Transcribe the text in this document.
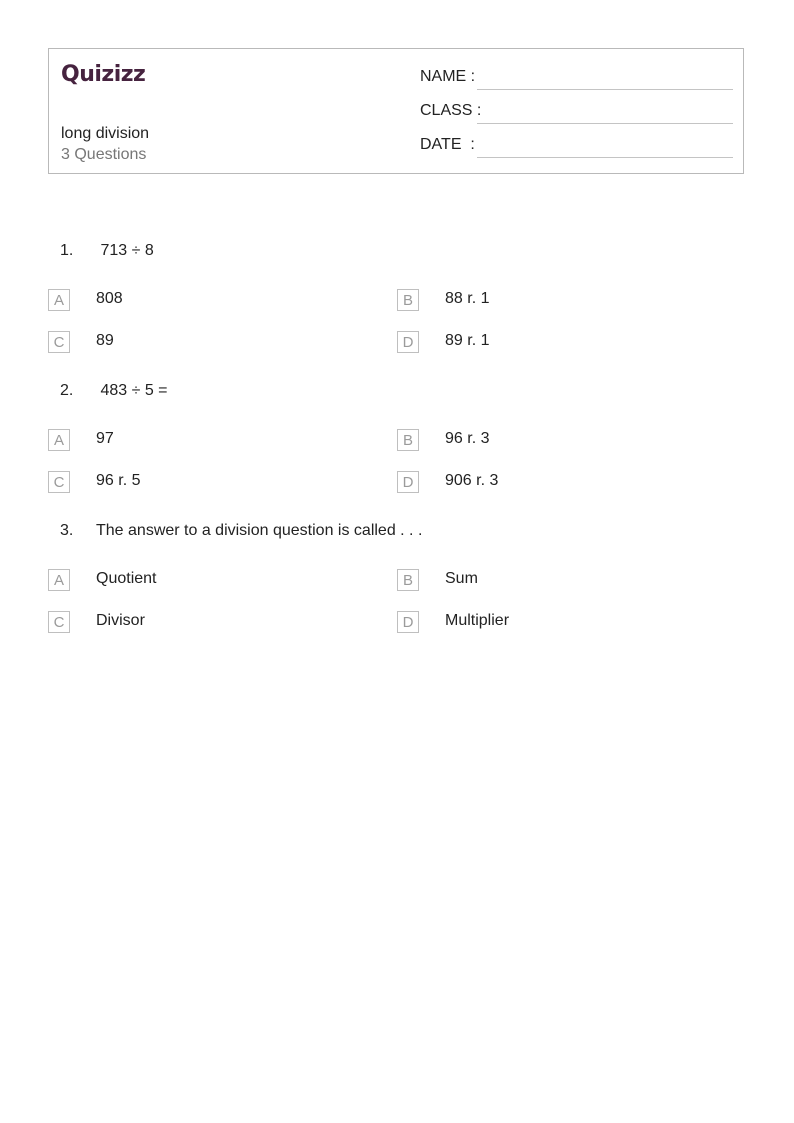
Quizizz
long division
3 Questions
NAME :
CLASS :
DATE  :
1. 713 ÷ 8
A	808	B	88 r. 1
C	89	D	89 r. 1
2. 483 ÷ 5 =
A	97	B	96 r. 3
C	96 r. 5	D	906 r. 3
3. The answer to a division question is called . . .
A	Quotient	B	Sum
C	Divisor	D	Multiplier
